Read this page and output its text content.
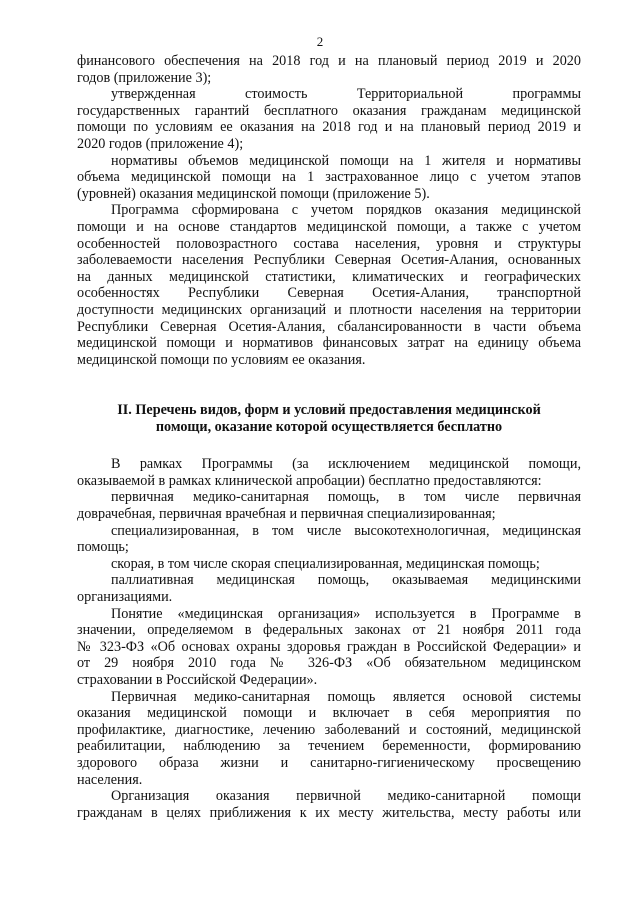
2
финансового обеспечения на 2018 год и на плановый период 2019 и 2020
годов (приложение 3);
утвержденная стоимость Территориальной программы
государственных гарантий бесплатного оказания гражданам медицинской
помощи по условиям ее оказания на 2018 год и на плановый период 2019 и
2020 годов (приложение 4);
нормативы объемов медицинской помощи на 1 жителя и нормативы
объема медицинской помощи на 1 застрахованное лицо с учетом этапов
(уровней) оказания медицинской помощи (приложение 5).
Программа сформирована с учетом порядков оказания медицинской
помощи и на основе стандартов медицинской помощи, а также с учетом
особенностей половозрастного состава населения, уровня и структуры
заболеваемости населения Республики Северная Осетия-Алания, основанных
на данных медицинской статистики, климатических и географических
особенностях Республики Северная Осетия-Алания, транспортной
доступности медицинских организаций и плотности населения на территории
Республики Северная Осетия-Алания, сбалансированности в части объема
медицинской помощи и нормативов финансовых затрат на единицу объема
медицинской помощи по условиям ее оказания.
II. Перечень видов, форм и условий предоставления медицинской
помощи, оказание которой осуществляется бесплатно
В рамках Программы (за исключением медицинской помощи,
оказываемой в рамках клинической апробации) бесплатно предоставляются:
первичная медико-санитарная помощь, в том числе первичная
доврачебная, первичная врачебная и первичная специализированная;
специализированная, в том числе высокотехнологичная, медицинская
помощь;
скорая, в том числе скорая специализированная, медицинская помощь;
паллиативная медицинская помощь, оказываемая медицинскими
организациями.
Понятие «медицинская организация» используется в Программе в
значении, определяемом в федеральных законах от 21 ноября 2011 года
№ 323-ФЗ «Об основах охраны здоровья граждан в Российской Федерации» и
от 29 ноября 2010 года № 326-ФЗ «Об обязательном медицинском
страховании в Российской Федерации».
Первичная медико-санитарная помощь является основой системы
оказания медицинской помощи и включает в себя мероприятия по
профилактике, диагностике, лечению заболеваний и состояний, медицинской
реабилитации, наблюдению за течением беременности, формированию
здорового образа жизни и санитарно-гигиеническому просвещению
населения.
Организация оказания первичной медико-санитарной помощи
гражданам в целях приближения к их месту жительства, месту работы или
